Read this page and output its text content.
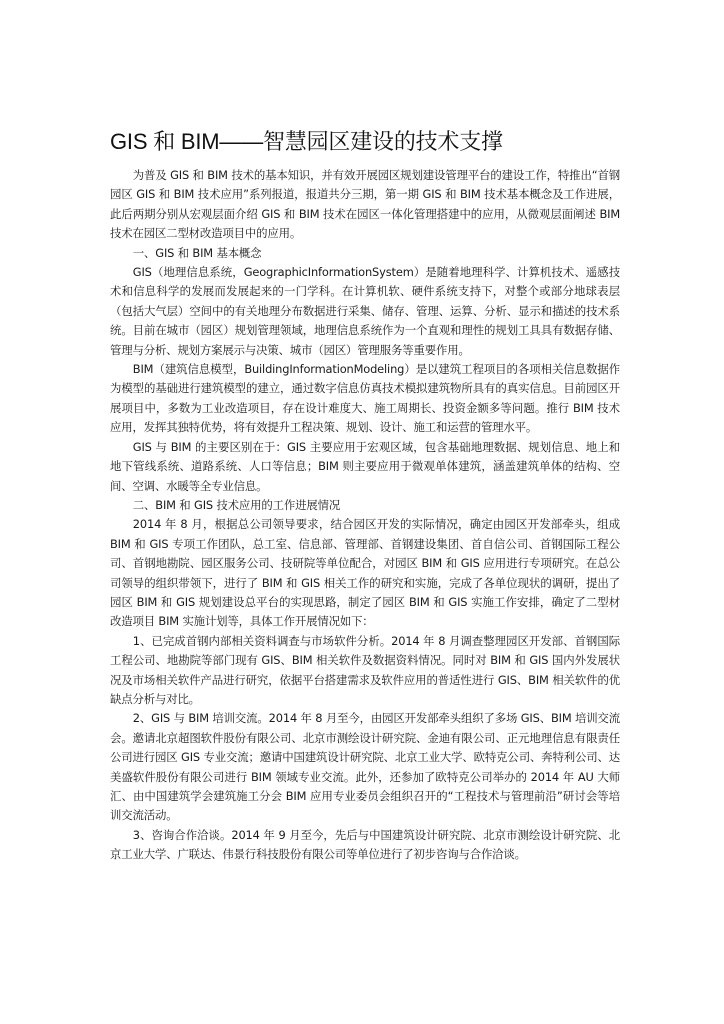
GIS 和 BIM——智慧园区建设的技术支撑

为普及 GIS 和 BIM 技术的基本知识，并有效开展园区规划建设管理平台的建设工作，特推出“首钢园区 GIS 和 BIM 技术应用”系列报道，报道共分三期，第一期 GIS 和 BIM 技术基本概念及工作进展，此后两期分别从宏观层面介绍 GIS 和 BIM 技术在园区一体化管理搭建中的应用，从微观层面阐述 BIM 技术在园区二型材改造项目中的应用。

一、GIS 和 BIM 基本概念

GIS（地理信息系统，GeographicInformationSystem）是随着地理科学、计算机技术、遥感技术和信息科学的发展而发展起来的一门学科。在计算机软、硬件系统支持下，对整个或部分地球表层（包括大气层）空间中的有关地理分布数据进行采集、储存、管理、运算、分析、显示和描述的技术系统。目前在城市（园区）规划管理领域，地理信息系统作为一个直观和理性的规划工具具有数据存储、管理与分析、规划方案展示与决策、城市（园区）管理服务等重要作用。

BIM（建筑信息模型，BuildingInformationModeling）是以建筑工程项目的各项相关信息数据作为模型的基础进行建筑模型的建立，通过数字信息仿真技术模拟建筑物所具有的真实信息。目前园区开展项目中，多数为工业改造项目，存在设计难度大、施工周期长、投资金额多等问题。推行 BIM 技术应用，发挥其独特优势，将有效提升工程决策、规划、设计、施工和运营的管理水平。

GIS 与 BIM 的主要区别在于：GIS 主要应用于宏观区域，包含基础地理数据、规划信息、地上和地下管线系统、道路系统、人口等信息；BIM 则主要应用于微观单体建筑，涵盖建筑单体的结构、空间、空调、水暖等全专业信息。

二、BIM 和 GIS 技术应用的工作进展情况

2014 年 8 月，根据总公司领导要求，结合园区开发的实际情况，确定由园区开发部牵头，组成 BIM 和 GIS 专项工作团队，总工室、信息部、管理部、首钢建设集团、首自信公司、首钢国际工程公司、首钢地勘院、园区服务公司、技研院等单位配合，对园区 BIM 和 GIS 应用进行专项研究。在总公司领导的组织带领下，进行了 BIM 和 GIS 相关工作的研究和实施，完成了各单位现状的调研，提出了园区 BIM 和 GIS 规划建设总平台的实现思路，制定了园区 BIM 和 GIS 实施工作安排，确定了二型材改造项目 BIM 实施计划等，具体工作开展情况如下：

1、已完成首钢内部相关资料调查与市场软件分析。2014 年 8 月调查整理园区开发部、首钢国际工程公司、地勘院等部门现有 GIS、BIM 相关软件及数据资料情况。同时对 BIM 和 GIS 国内外发展状况及市场相关软件产品进行研究，依据平台搭建需求及软件应用的普适性进行 GIS、BIM 相关软件的优缺点分析与对比。

2、GIS 与 BIM 培训交流。2014 年 8 月至今，由园区开发部牵头组织了多场 GIS、BIM 培训交流会。邀请北京超图软件股份有限公司、北京市测绘设计研究院、金迪有限公司、正元地理信息有限责任公司进行园区 GIS 专业交流；邀请中国建筑设计研究院、北京工业大学、欧特克公司、奔特利公司、达美盛软件股份有限公司进行 BIM 领域专业交流。此外，还参加了欧特克公司举办的 2014 年 AU 大师汇、由中国建筑学会建筑施工分会 BIM 应用专业委员会组织召开的“工程技术与管理前沿”研讨会等培训交流活动。

3、咨询合作洽谈。2014 年 9 月至今，先后与中国建筑设计研究院、北京市测绘设计研究院、北京工业大学、广联达、伟景行科技股份有限公司等单位进行了初步咨询与合作洽谈。
